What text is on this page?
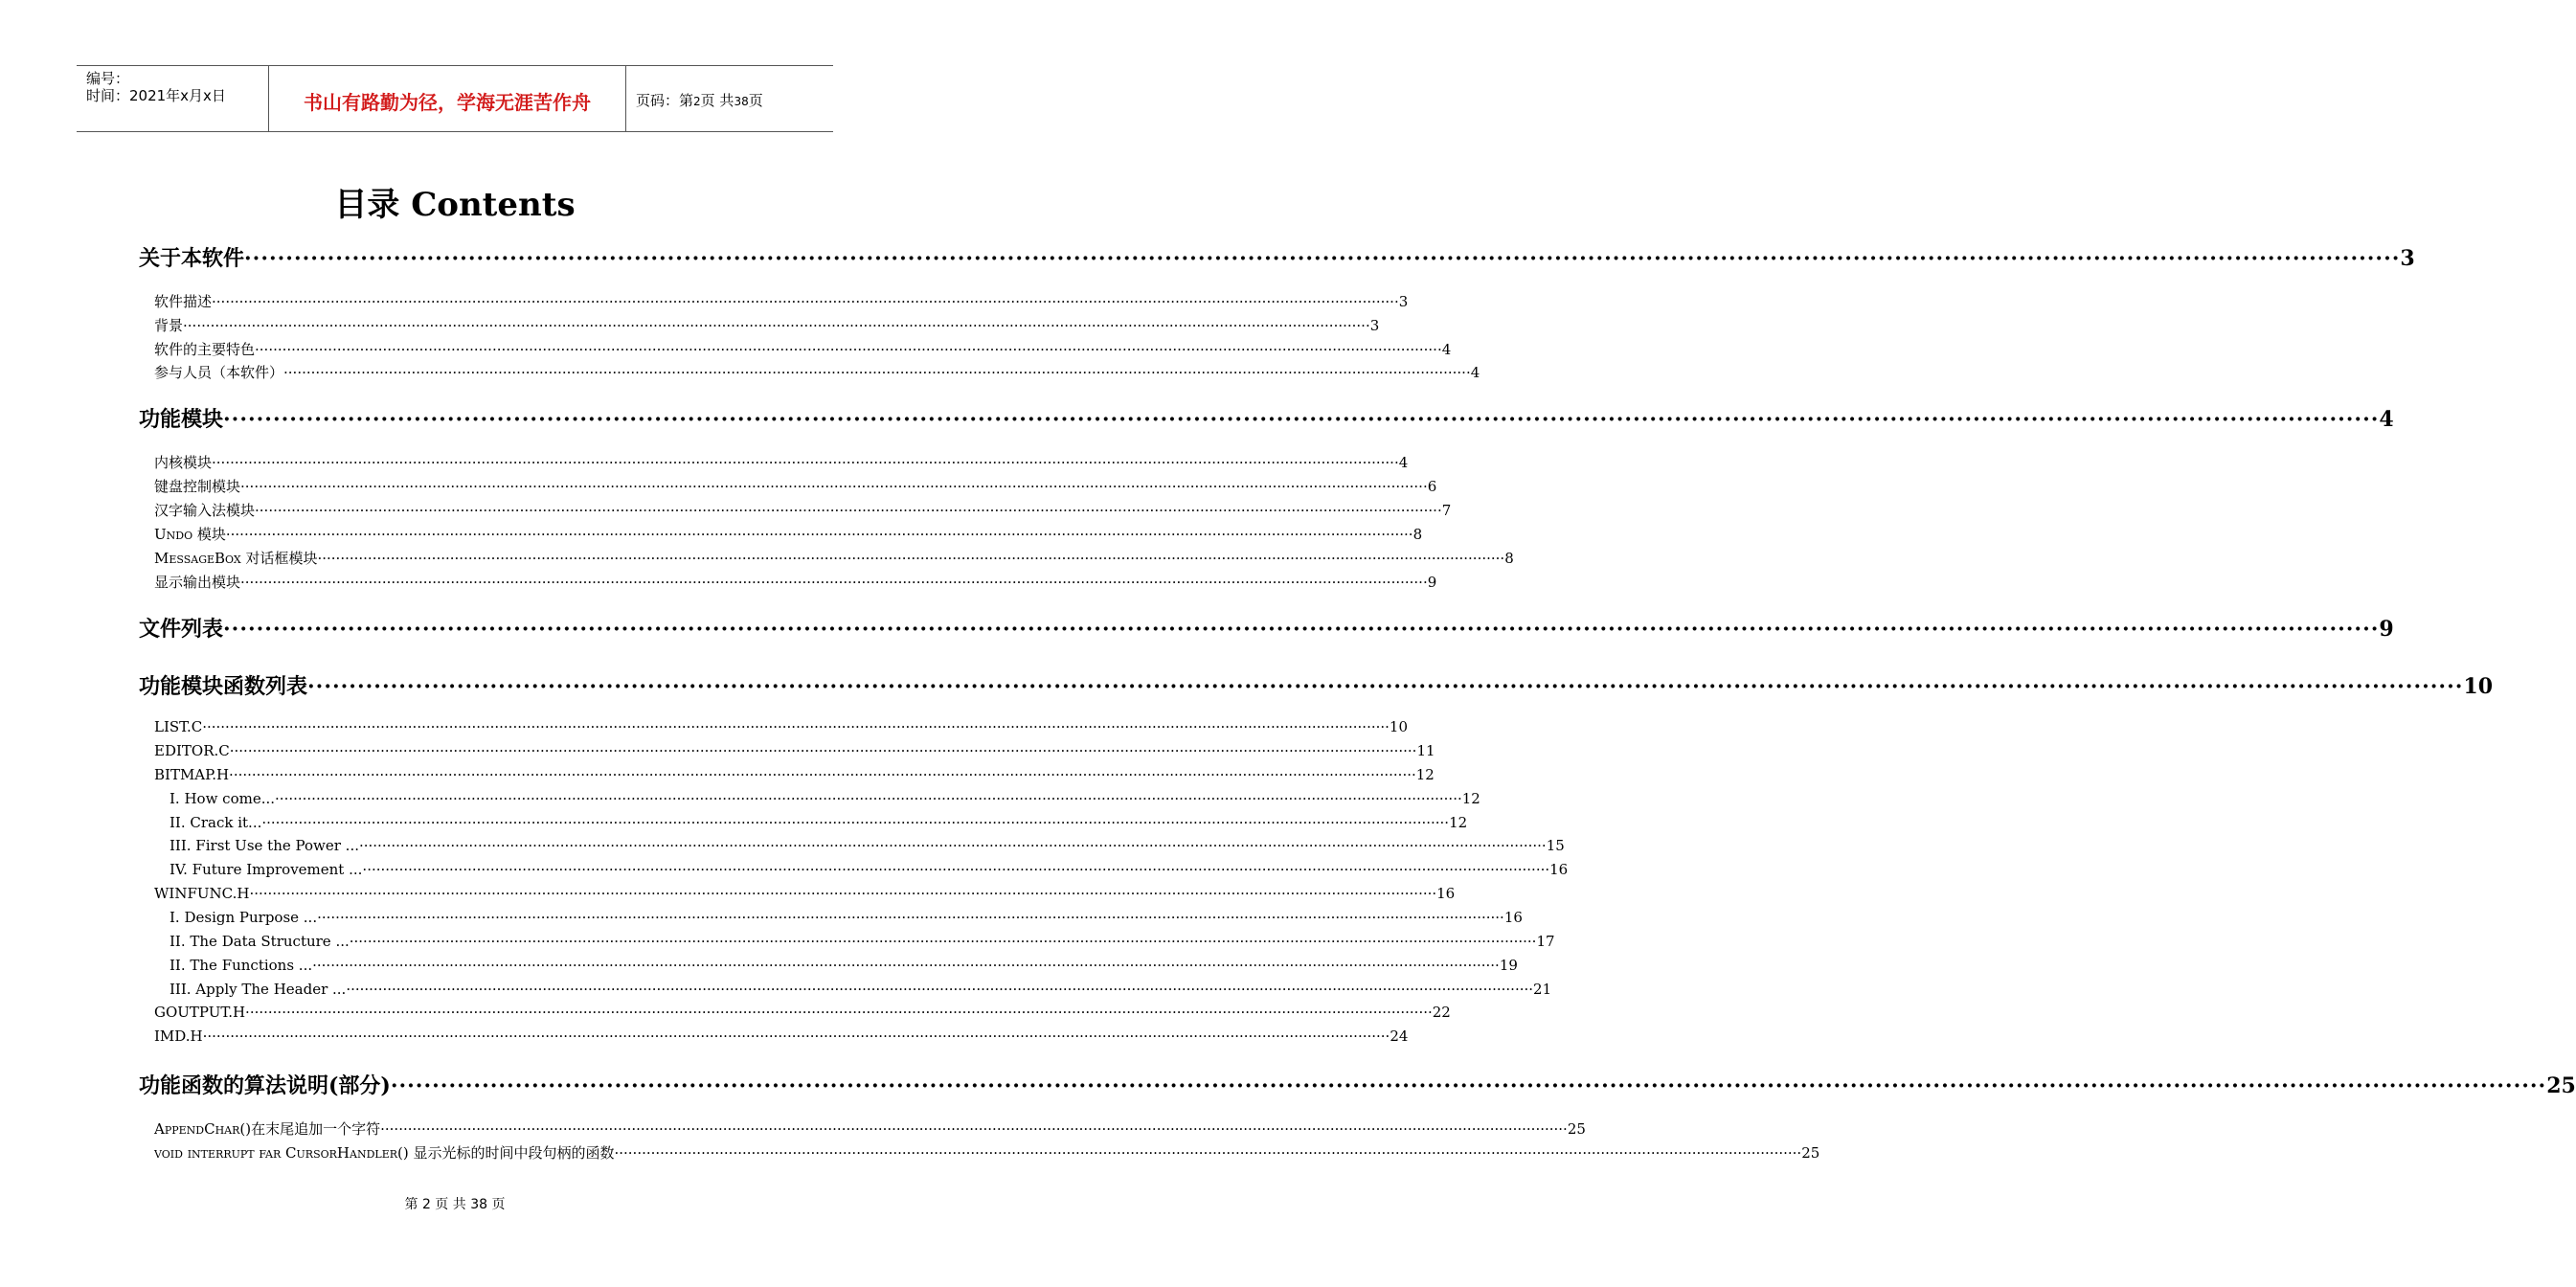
编号：
时间：2021年x月x日	书山有路勤为径，学海无涯苦作舟	页码：第2页 共38页
目录 Contents
关于本软件 ···································································································································································································································································· 3
软件描述 ···································································································································································································································································· 3
背景 ···································································································································································································································································· 3
软件的主要特色 ···································································································································································································································································· 4
参与人员（本软件） ···································································································································································································································································· 4
功能模块 ···································································································································································································································································· 4
内核模块 ···································································································································································································································································· 4
键盘控制模块 ···································································································································································································································································· 6
汉字输入法模块 ···································································································································································································································································· 7
Undo 模块 ···································································································································································································································································· 8
MessageBox 对话框模块 ···································································································································································································································································· 8
显示输出模块 ···································································································································································································································································· 9
文件列表 ···································································································································································································································································· 9
功能模块函数列表 ···································································································································································································································································· 10
LIST.C ···································································································································································································································································· 10
EDITOR.C ···································································································································································································································································· 11
BITMAP.H ···································································································································································································································································· 12
I. How come... ···································································································································································································································································· 12
II. Crack it... ···································································································································································································································································· 12
III. First Use the Power ... ···································································································································································································································································· 15
IV. Future Improvement ... ···································································································································································································································································· 16
WINFUNC.H ···································································································································································································································································· 16
I. Design Purpose ... ···································································································································································································································································· 16
II. The Data Structure ... ···································································································································································································································································· 17
II. The Functions ... ···································································································································································································································································· 19
III. Apply The Header ... ···································································································································································································································································· 21
GOUTPUT.H ···································································································································································································································································· 22
IMD.H ···································································································································································································································································· 24
功能函数的算法说明(部分) ···································································································································································································································································· 25
AppendChar()在末尾追加一个字符 ···································································································································································································································································· 25
void interrupt far CursorHandler() 显示光标的时间中段句柄的函数 ···································································································································································································································································· 25
第 2 页 共 38 页
